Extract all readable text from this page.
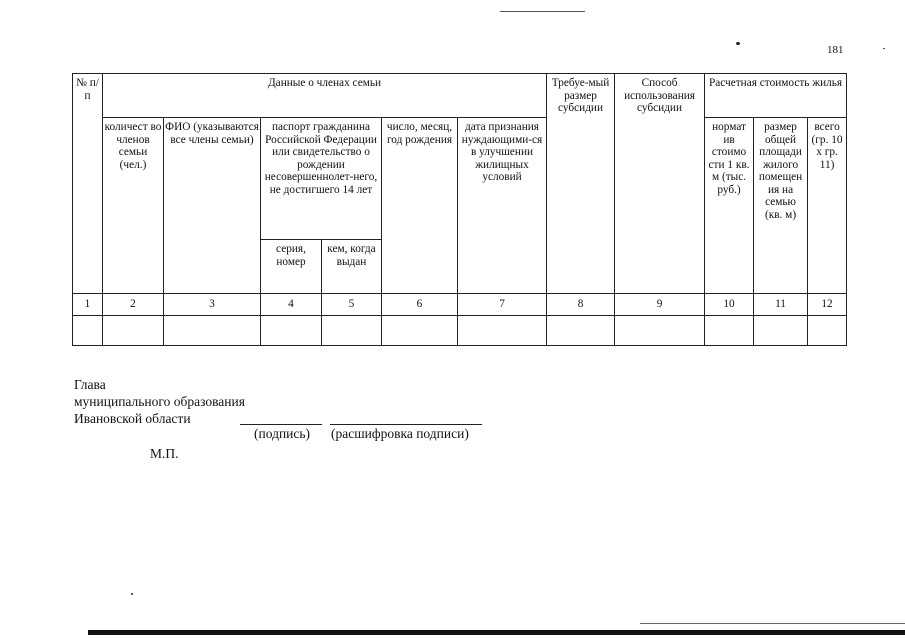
181
№ п/п	Данные о членах семьи						Требуе-мый размер субсидии	Способ использования субсидии	Расчетная стоимость жилья		
	количест во членов семьи (чел.)	ФИО (указываются все члены семьи)	паспорт гражданина Российской Федерации или свидетельство о рождении несовершеннолет-него, не достигшего 14 лет		число, месяц, год рождения	дата признания нуждающими-ся в улучшении жилищных условий			нормат ив стоимо сти 1 кв. м (тыс. руб.)	размер общей площади жилого помещен ия на семью (кв. м)	всего (гр. 10 х гр. 11)
			серия, номер	кем, когда выдан							
1	2	3	4	5	6	7	8	9	10	11	12

Глава
муниципального образования
Ивановской области
(подпись) (расшифровка подписи)
М.П.
